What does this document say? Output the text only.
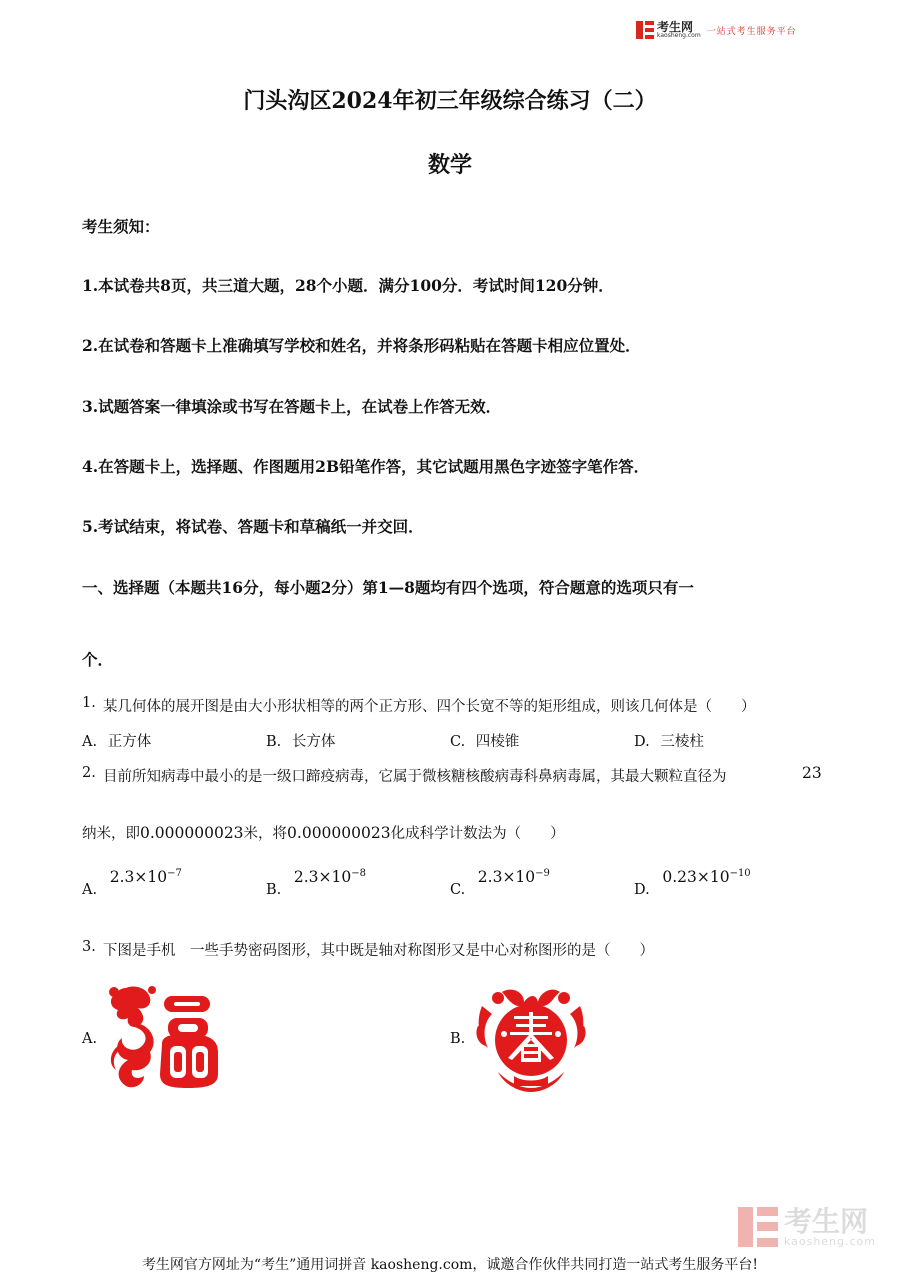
考生网
kaosheng.com 一站式考生服务平台
门头沟区2024年初三年级综合练习（二）
数学
考生须知：
1.本试卷共8页，共三道大题，28个小题．满分100分．考试时间120分钟．
2.在试卷和答题卡上准确填写学校和姓名，并将条形码粘贴在答题卡相应位置处．
3.试题答案一律填涂或书写在答题卡上，在试卷上作答无效．
4.在答题卡上，选择题、作图题用2B铅笔作答，其它试题用黑色字迹签字笔作答．
5.考试结束，将试卷、答题卡和草稿纸一并交回．
一、选择题（本题共16分，每小题2分）第1—8题均有四个选项，符合题意的选项只有一
个．
1. 某几何体的展开图是由大小形状相等的两个正方形、四个长宽不等的矩形组成，则该几何体是（　　）
A. 正方体	B. 长方体	C. 四棱锥	D. 三棱柱
2. 目前所知病毒中最小的是一级口蹄疫病毒，它属于微核糖核酸病毒科鼻病毒属，其最大颗粒直径为	23
纳米，即0.000000023米，将0.000000023化成科学计数法为（　　）
A. $2.3\times 10^{-7}$
B. $2.3\times 10^{-8}$
C. $2.3\times 10^{-9}$
D. $0.23\times 10^{-10}$
3. 下图是手机　一些手势密码图形，其中既是轴对称图形又是中心对称图形的是（　　）
A.	B.
考生网
kaosheng.com
考生网官方网址为“考生”通用词拼音 kaosheng.com，诚邀合作伙伴共同打造一站式考生服务平台!
